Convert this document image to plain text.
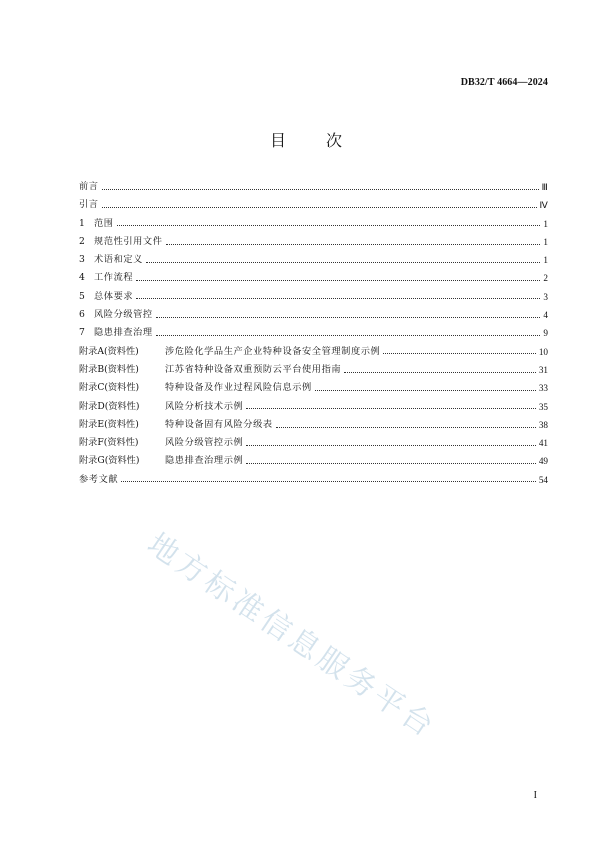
DB32/T 4664—2024
目	次
前言	Ⅲ
引言	Ⅳ
1 范围	1
2 规范性引用文件	1
3 术语和定义	1
4 工作流程	2
5 总体要求	3
6 风险分级管控	4
7 隐患排查治理	9
附录A(资料性)	涉危险化学品生产企业特种设备安全管理制度示例	10
附录B(资料性)	江苏省特种设备双重预防云平台使用指南	31
附录C(资料性)	特种设备及作业过程风险信息示例	33
附录D(资料性)	风险分析技术示例	35
附录E(资料性)	特种设备固有风险分级表	38
附录F(资料性)	风险分级管控示例	41
附录G(资料性)	隐患排查治理示例	49
参考文献	54
地方标准信息服务平台
I
